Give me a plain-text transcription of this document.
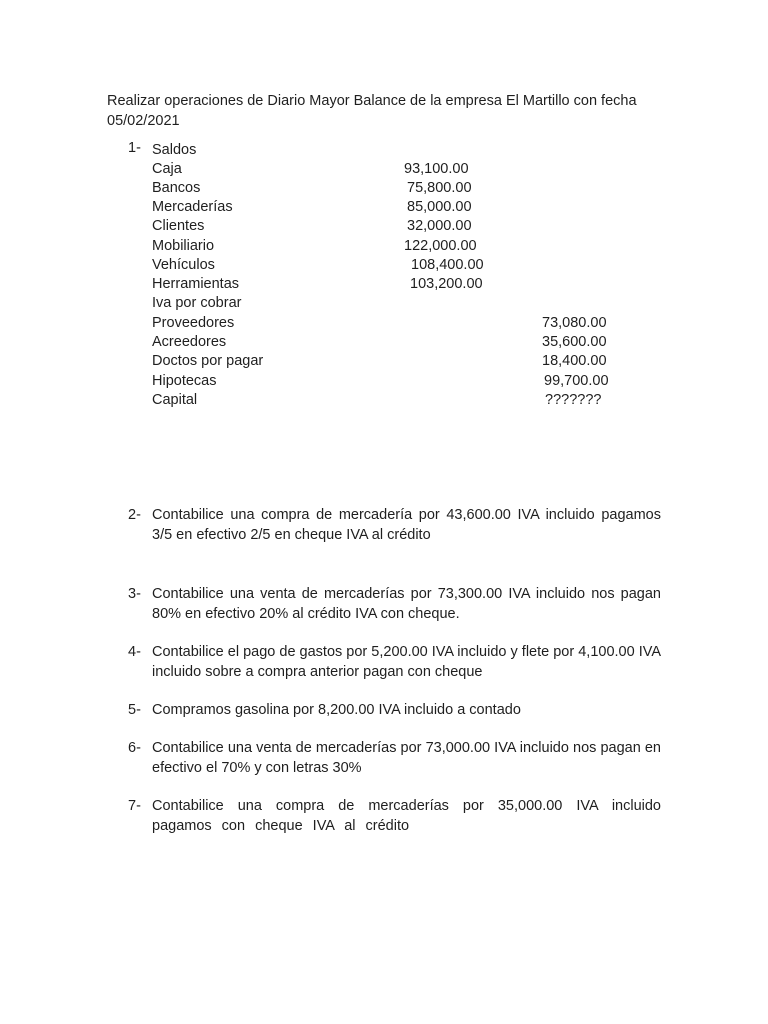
Realizar operaciones de Diario Mayor Balance de la empresa El Martillo con fecha 05/02/2021
1- Saldos
Caja	93,100.00
Bancos	75,800.00
Mercaderías	85,000.00
Clientes	32,000.00
Mobiliario	122,000.00
Vehículos	108,400.00
Herramientas	103,200.00
Iva por cobrar
Proveedores	73,080.00
Acreedores	35,600.00
Doctos por pagar	18,400.00
Hipotecas	99,700.00
Capital	???????
2- Contabilice una compra de mercadería por 43,600.00 IVA incluido pagamos 3/5 en efectivo 2/5 en cheque IVA al crédito
3- Contabilice una venta de mercaderías por 73,300.00 IVA incluido nos pagan 80% en efectivo 20% al crédito IVA con cheque.
4- Contabilice el pago de gastos por 5,200.00 IVA incluido y flete por 4,100.00 IVA incluido sobre a compra anterior pagan con cheque
5- Compramos gasolina por 8,200.00 IVA incluido a contado
6- Contabilice una venta de mercaderías por 73,000.00 IVA incluido nos pagan en efectivo el 70% y con letras 30%
7- Contabilice una compra de mercaderías por 35,000.00 IVA incluido pagamos con cheque IVA al crédito
